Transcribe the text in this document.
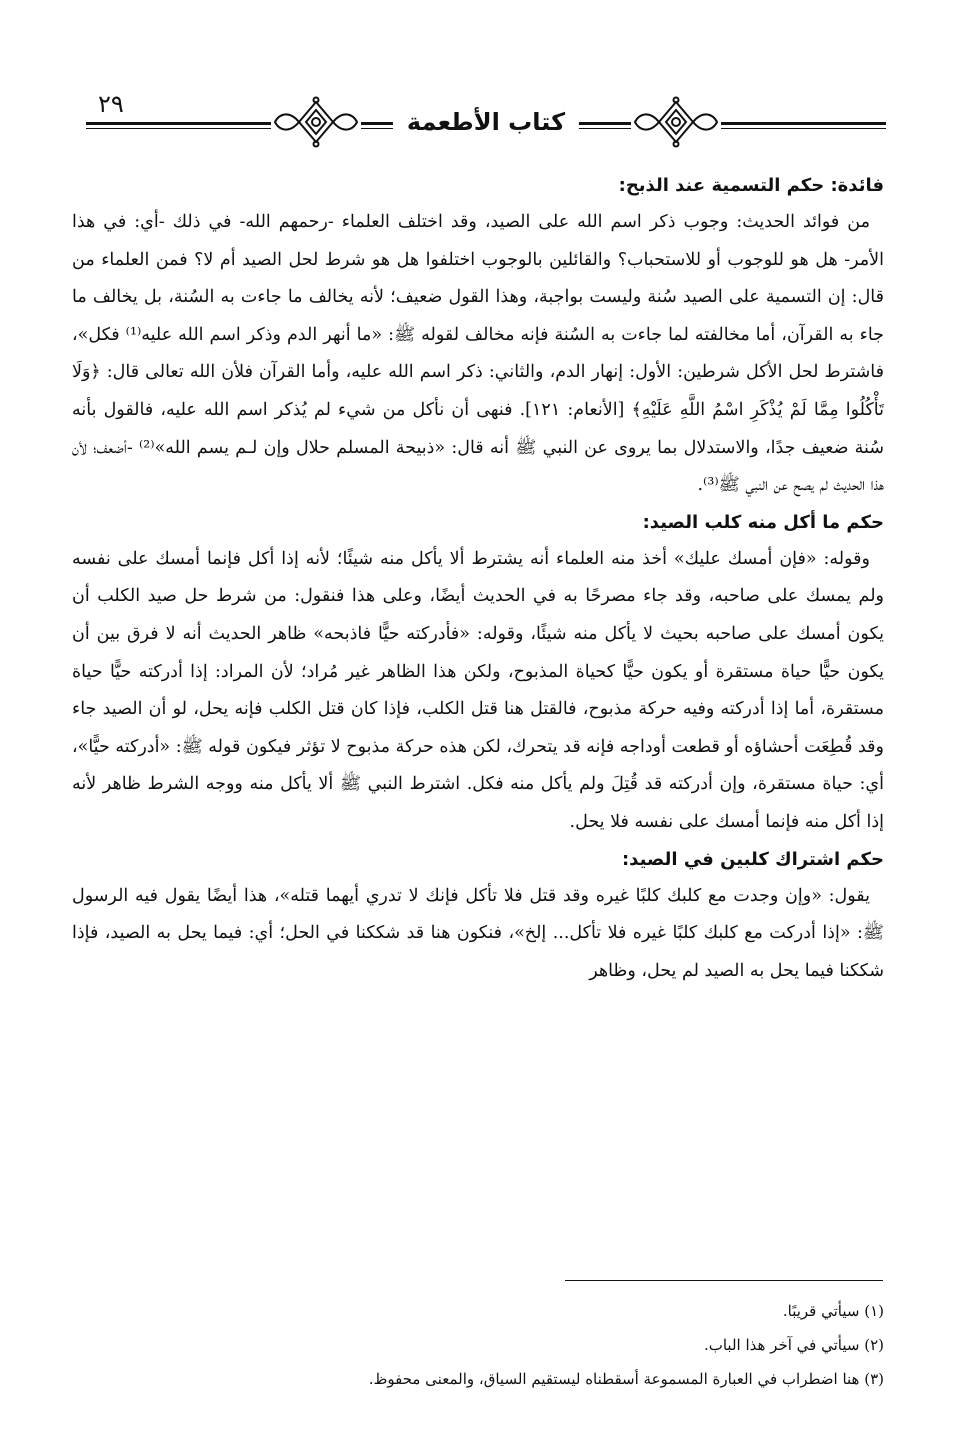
٢٩
كتاب الأطعمة
فائدة: حكم التسمية عند الذبح:

من فوائد الحديث: وجوب ذكر اسم الله على الصيد، وقد اختلف العلماء -رحمهم الله- في ذلك -أي: في هذا الأمر- هل هو للوجوب أو للاستحباب؟ والقائلين بالوجوب اختلفوا هل هو شرط لحل الصيد أم لا؟ فمن العلماء من قال: إن التسمية على الصيد سُنة وليست بواجبة، وهذا القول ضعيف؛ لأنه يخالف ما جاءت به السُنة، بل يخالف ما جاء به القرآن، أما مخالفته لما جاءت به السُنة فإنه مخالف لقوله ﷺ: «ما أنهر الدم وذكر اسم الله عليه⁽¹⁾ فكل»، فاشترط لحل الأكل شرطين: الأول: إنهار الدم، والثاني: ذكر اسم الله عليه، وأما القرآن فلأن الله تعالى قال: ﴿وَلَا تَأْكُلُوا مِمَّا لَمْ يُذْكَرِ اسْمُ اللَّهِ عَلَيْهِ﴾ [الأنعام: ١٢١]. فنهى أن نأكل من شيء لم يُذكر اسم الله عليه، فالقول بأنه سُنة ضعيف جدًا، والاستدلال بما يروى عن النبي ﷺ أنه قال: «ذبيحة المسلم حلال وإن لـم يسم الله»⁽²⁾ -أضعف؛ لأن هذا الحديث لم يصح عن النبي ﷺ⁽³⁾.

حكم ما أكل منه كلب الصيد:

وقوله: «فإن أمسك عليك» أخذ منه العلماء أنه يشترط ألا يأكل منه شيئًا؛ لأنه إذا أكل فإنما أمسك على نفسه ولم يمسك على صاحبه، وقد جاء مصرحًا به في الحديث أيضًا، وعلى هذا فنقول: من شرط حل صيد الكلب أن يكون أمسك على صاحبه بحيث لا يأكل منه شيئًا، وقوله: «فأدركته حيًّا فاذبحه» ظاهر الحديث أنه لا فرق بين أن يكون حيًّا حياة مستقرة أو يكون حيًّا كحياة المذبوح، ولكن هذا الظاهر غير مُراد؛ لأن المراد: إذا أدركته حيًّا حياة مستقرة، أما إذا أدركته وفيه حركة مذبوح، فالقتل هنا قتل الكلب، فإذا كان قتل الكلب فإنه يحل، لو أن الصيد جاء وقد قُطِعَت أحشاؤه أو قطعت أوداجه فإنه قد يتحرك، لكن هذه حركة مذبوح لا تؤثر فيكون قوله ﷺ: «أدركته حيًّا»، أي: حياة مستقرة، وإن أدركته قد قُتِلَ ولم يأكل منه فكل. اشترط النبي ﷺ ألا يأكل منه ووجه الشرط ظاهر لأنه إذا أكل منه فإنما أمسك على نفسه فلا يحل.

حكم اشتراك كلبين في الصيد:

يقول: «وإن وجدت مع كلبك كلبًا غيره وقد قتل فلا تأكل فإنك لا تدري أيهما قتله»، هذا أيضًا يقول فيه الرسول ﷺ: «إذا أدركت مع كلبك كلبًا غيره فلا تأكل... إلخ»، فنكون هنا قد شككنا في الحل؛ أي: فيما يحل به الصيد، فإذا شككنا فيما يحل به الصيد لم يحل، وظاهر

(١) سيأتي قريبًا.

(٢) سيأتي في آخر هذا الباب.

(٣) هنا اضطراب في العبارة المسموعة أسقطناه ليستقيم السياق، والمعنى محفوظ.
